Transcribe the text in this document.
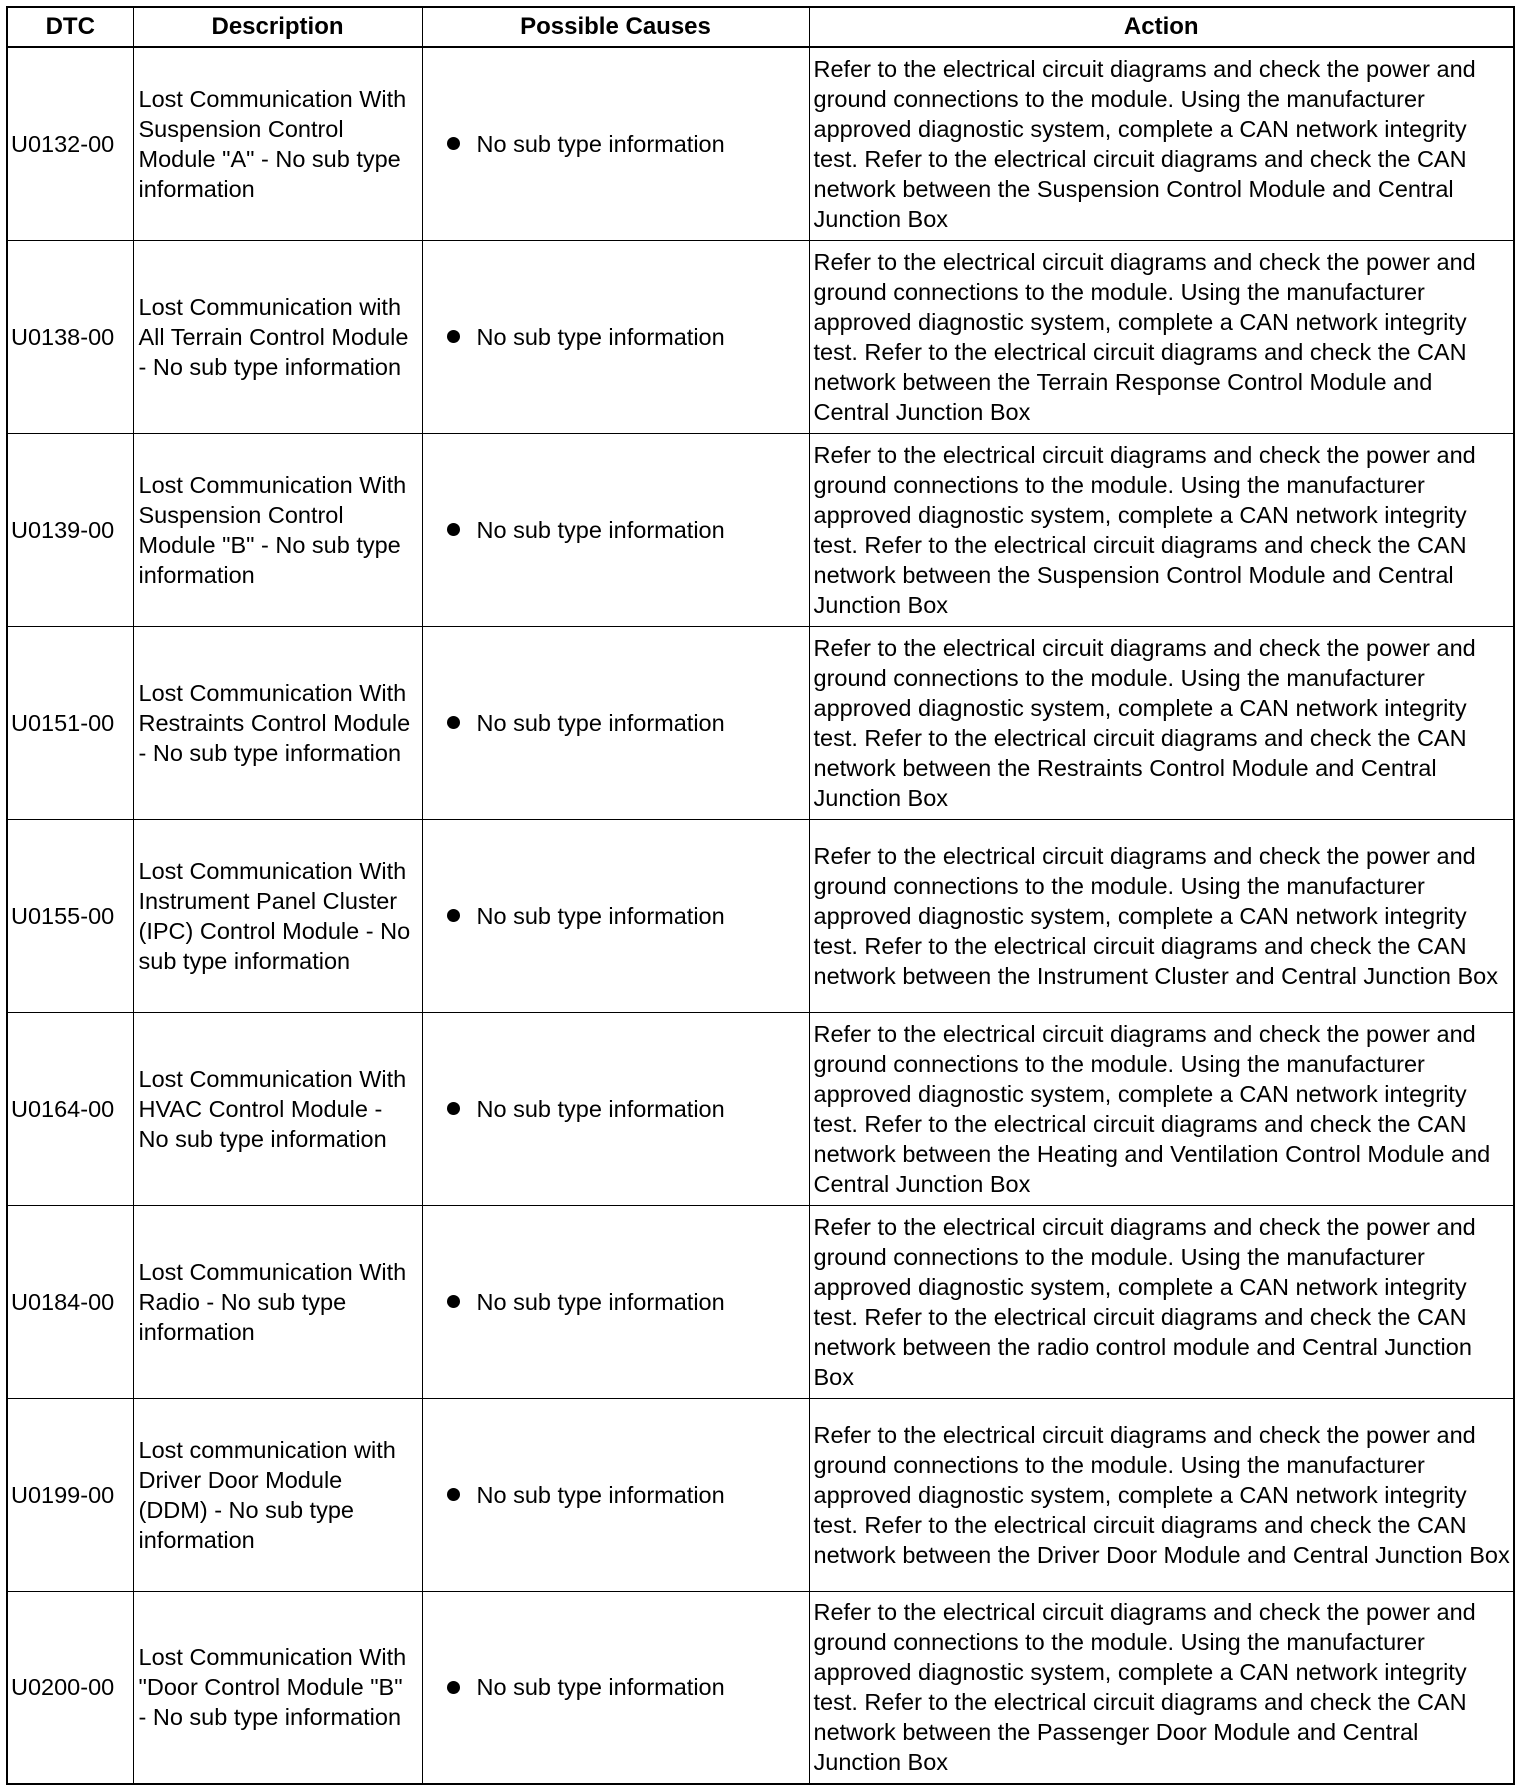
DTC	Description	Possible Causes	Action
U0132-00	Lost Communication With Suspension Control Module "A" - No sub type information	No sub type information	Refer to the electrical circuit diagrams and check the power and ground connections to the module. Using the manufacturer approved diagnostic system, complete a CAN network integrity test. Refer to the electrical circuit diagrams and check the CAN network between the Suspension Control Module and Central Junction Box
U0138-00	Lost Communication with All Terrain Control Module - No sub type information	No sub type information	Refer to the electrical circuit diagrams and check the power and ground connections to the module. Using the manufacturer approved diagnostic system, complete a CAN network integrity test. Refer to the electrical circuit diagrams and check the CAN network between the Terrain Response Control Module and Central Junction Box
U0139-00	Lost Communication With Suspension Control Module "B" - No sub type information	No sub type information	Refer to the electrical circuit diagrams and check the power and ground connections to the module. Using the manufacturer approved diagnostic system, complete a CAN network integrity test. Refer to the electrical circuit diagrams and check the CAN network between the Suspension Control Module and Central Junction Box
U0151-00	Lost Communication With Restraints Control Module - No sub type information	No sub type information	Refer to the electrical circuit diagrams and check the power and ground connections to the module. Using the manufacturer approved diagnostic system, complete a CAN network integrity test. Refer to the electrical circuit diagrams and check the CAN network between the Restraints Control Module and Central Junction Box
U0155-00	Lost Communication With Instrument Panel Cluster (IPC) Control Module - No sub type information	No sub type information	Refer to the electrical circuit diagrams and check the power and ground connections to the module. Using the manufacturer approved diagnostic system, complete a CAN network integrity test. Refer to the electrical circuit diagrams and check the CAN network between the Instrument Cluster and Central Junction Box
U0164-00	Lost Communication With HVAC Control Module - No sub type information	No sub type information	Refer to the electrical circuit diagrams and check the power and ground connections to the module. Using the manufacturer approved diagnostic system, complete a CAN network integrity test. Refer to the electrical circuit diagrams and check the CAN network between the Heating and Ventilation Control Module and Central Junction Box
U0184-00	Lost Communication With Radio - No sub type information	No sub type information	Refer to the electrical circuit diagrams and check the power and ground connections to the module. Using the manufacturer approved diagnostic system, complete a CAN network integrity test. Refer to the electrical circuit diagrams and check the CAN network between the radio control module and Central Junction Box
U0199-00	Lost communication with Driver Door Module (DDM) - No sub type information	No sub type information	Refer to the electrical circuit diagrams and check the power and ground connections to the module. Using the manufacturer approved diagnostic system, complete a CAN network integrity test. Refer to the electrical circuit diagrams and check the CAN network between the Driver Door Module and Central Junction Box
U0200-00	Lost Communication With "Door Control Module "B" - No sub type information	No sub type information	Refer to the electrical circuit diagrams and check the power and ground connections to the module. Using the manufacturer approved diagnostic system, complete a CAN network integrity test. Refer to the electrical circuit diagrams and check the CAN network between the Passenger Door Module and Central Junction Box
